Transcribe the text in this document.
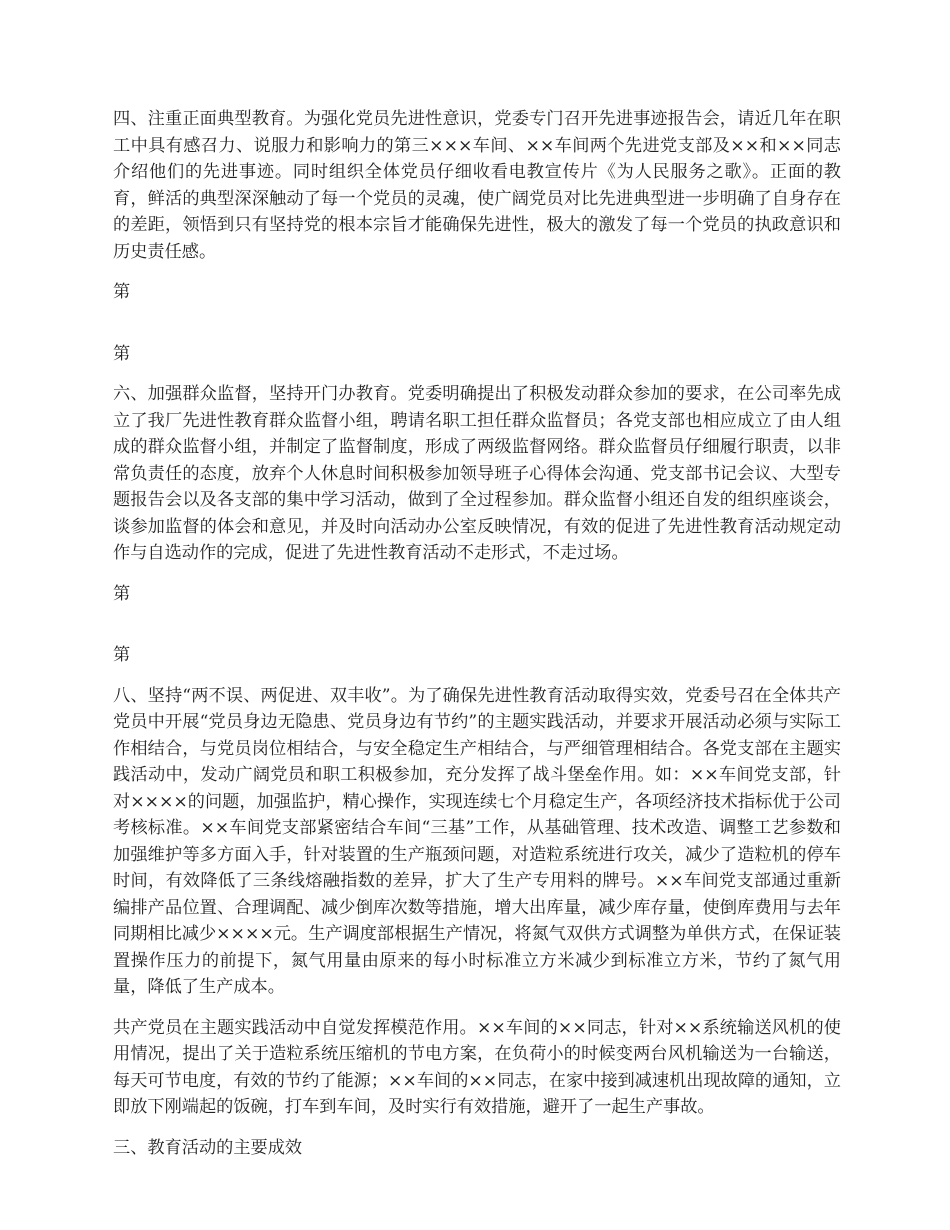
四、注重正面典型教育。为强化党员先进性意识，党委专门召开先进事迹报告会，请近几年在职工中具有感召力、说服力和影响力的第三×××车间、××车间两个先进党支部及××和××同志介绍他们的先进事迹。同时组织全体党员仔细收看电教宣传片《为人民服务之歌》。正面的教育，鲜活的典型深深触动了每一个党员的灵魂，使广阔党员对比先进典型进一步明确了自身存在的差距，领悟到只有坚持党的根本宗旨才能确保先进性，极大的激发了每一个党员的执政意识和历史责任感。

第

第

六、加强群众监督，坚持开门办教育。党委明确提出了积极发动群众参加的要求，在公司率先成立了我厂先进性教育群众监督小组，聘请名职工担任群众监督员；各党支部也相应成立了由人组成的群众监督小组，并制定了监督制度，形成了两级监督网络。群众监督员仔细履行职责，以非常负责任的态度，放弃个人休息时间积极参加领导班子心得体会沟通、党支部书记会议、大型专题报告会以及各支部的集中学习活动，做到了全过程参加。群众监督小组还自发的组织座谈会，谈参加监督的体会和意见，并及时向活动办公室反映情况，有效的促进了先进性教育活动规定动作与自选动作的完成，促进了先进性教育活动不走形式，不走过场。

第

第

八、坚持“两不误、两促进、双丰收”。为了确保先进性教育活动取得实效，党委号召在全体共产党员中开展“党员身边无隐患、党员身边有节约”的主题实践活动，并要求开展活动必须与实际工作相结合，与党员岗位相结合，与安全稳定生产相结合，与严细管理相结合。各党支部在主题实践活动中，发动广阔党员和职工积极参加，充分发挥了战斗堡垒作用。如：××车间党支部，针对××××的问题，加强监护，精心操作，实现连续七个月稳定生产，各项经济技术指标优于公司考核标准。××车间党支部紧密结合车间“三基”工作，从基础管理、技术改造、调整工艺参数和加强维护等多方面入手，针对装置的生产瓶颈问题，对造粒系统进行攻关，减少了造粒机的停车时间，有效降低了三条线熔融指数的差异，扩大了生产专用料的牌号。××车间党支部通过重新编排产品位置、合理调配、减少倒库次数等措施，增大出库量，减少库存量，使倒库费用与去年同期相比减少××××元。生产调度部根据生产情况，将氮气双供方式调整为单供方式，在保证装置操作压力的前提下，氮气用量由原来的每小时标准立方米减少到标准立方米，节约了氮气用量，降低了生产成本。

共产党员在主题实践活动中自觉发挥模范作用。××车间的××同志，针对××系统输送风机的使用情况，提出了关于造粒系统压缩机的节电方案，在负荷小的时候变两台风机输送为一台输送，每天可节电度，有效的节约了能源；××车间的××同志，在家中接到减速机出现故障的通知，立即放下刚端起的饭碗，打车到车间，及时实行有效措施，避开了一起生产事故。

三、教育活动的主要成效
